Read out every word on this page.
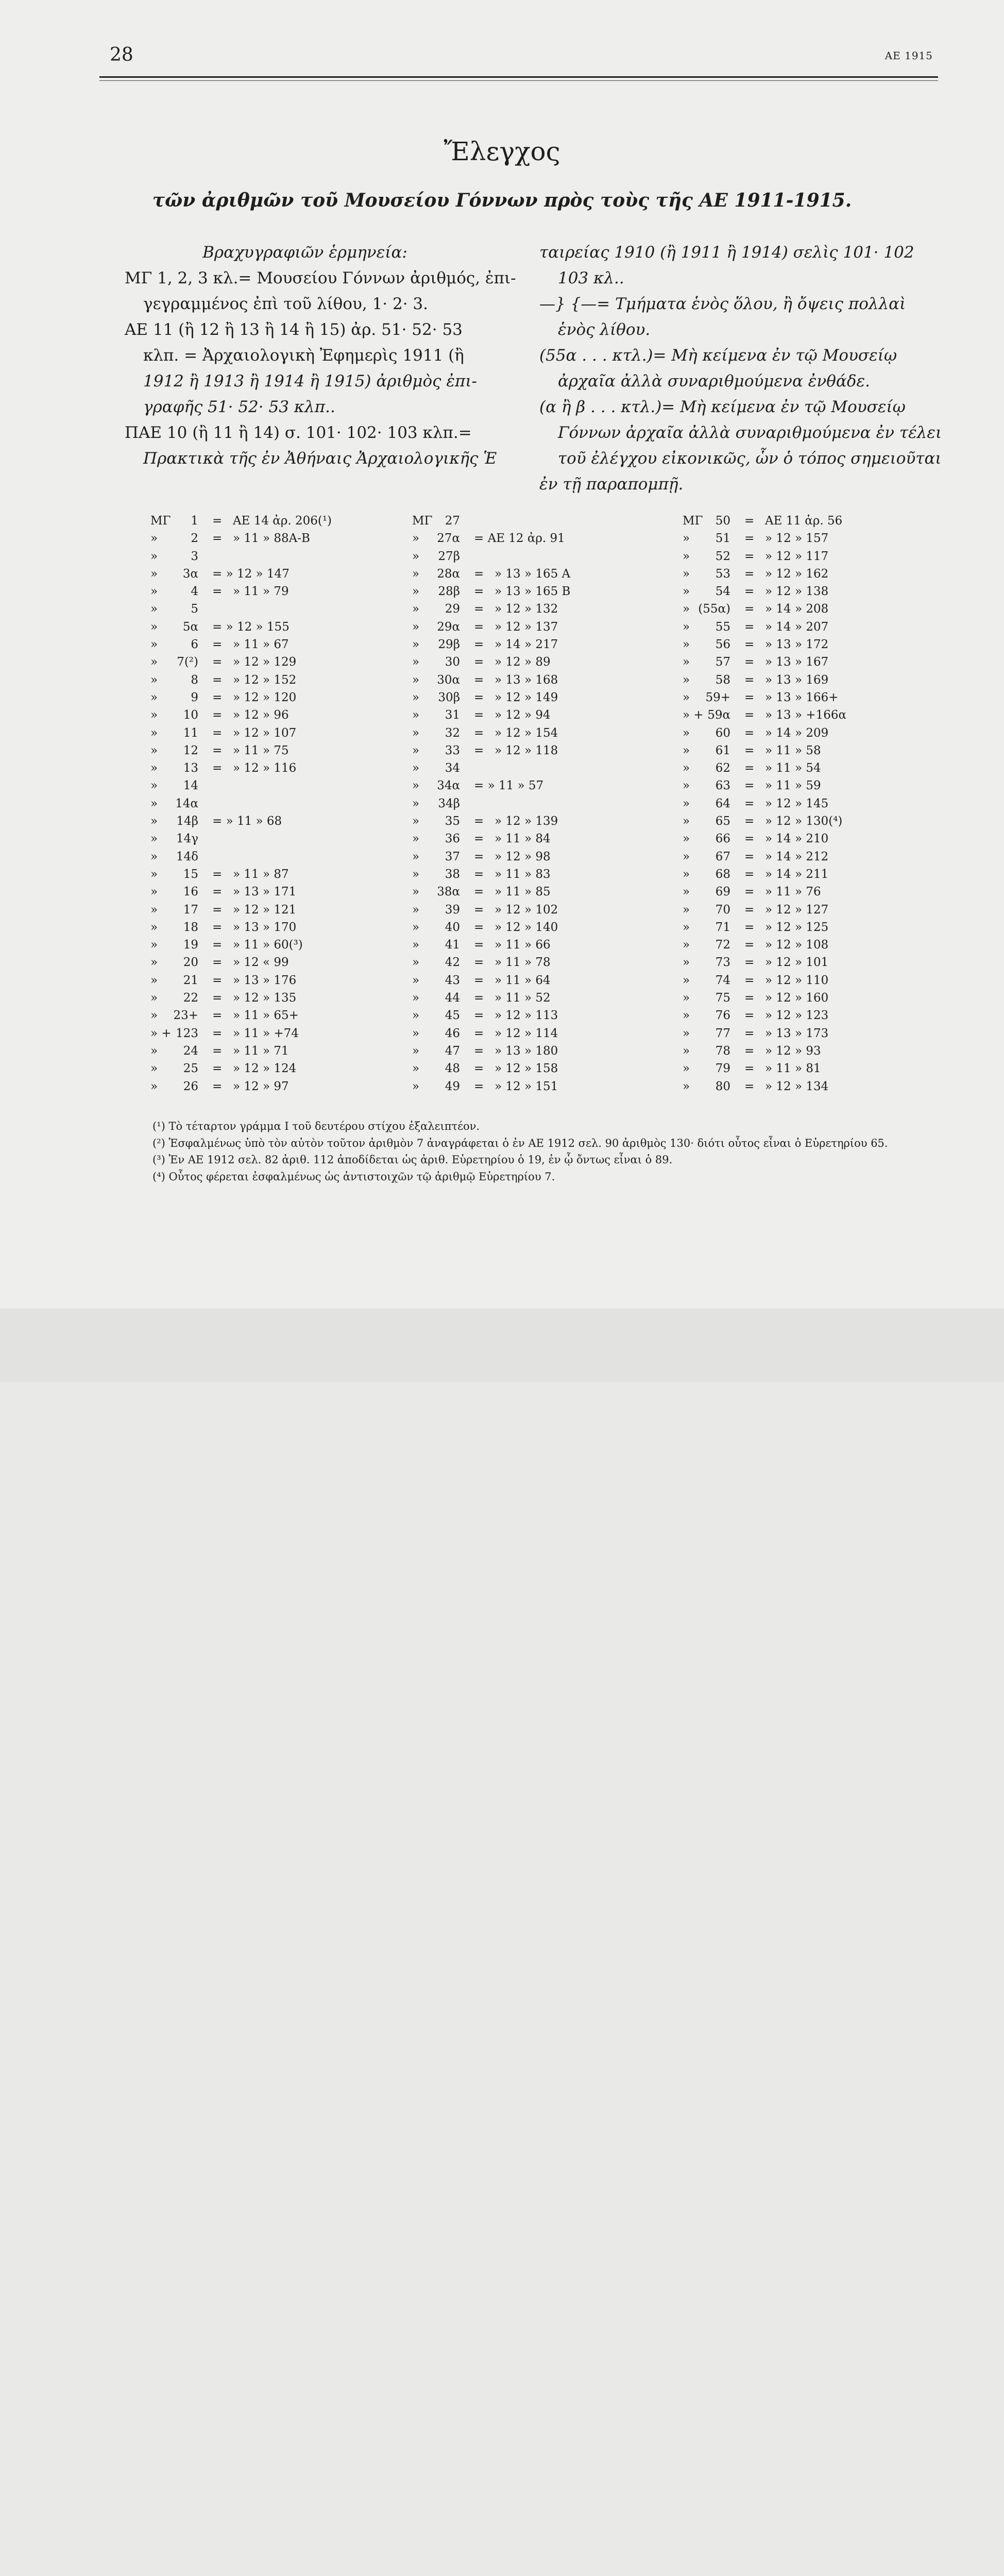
28	ΑΕ 1915
Ἔλεγχος
τῶν ἀριθμῶν τοῦ Μουσείου Γόννων πρὸς τοὺς τῆς ΑΕ 1911-1915.
Βραχυγραφιῶν ἑρμηνεία:
ΜΓ 1, 2, 3 κλ.= Μουσείου Γόννων ἀριθμός, ἐπι-
γεγραμμένος ἐπὶ τοῦ λίθου, 1· 2· 3.
ΑΕ 11 (ἢ 12 ἢ 13 ἢ 14 ἢ 15) ἀρ. 51· 52· 53
κλπ. = Ἀρχαιολογικὴ Ἐφημερὶς 1911 (ἢ
1912 ἢ 1913 ἢ 1914 ἢ 1915) ἀριθμὸς ἐπι-
γραφῆς 51· 52· 53 κλπ..
ΠΑΕ 10 (ἢ 11 ἢ 14) σ. 101· 102· 103 κλπ.=
Πρακτικὰ τῆς ἐν Ἀθήναις Ἀρχαιολογικῆς Ἑ
ταιρείας 1910 (ἢ 1911 ἢ 1914) σελὶς 101· 102
103 κλ..
—} {—= Τμήματα ἑνὸς ὅλου, ἢ ὄψεις πολλαὶ
ἑνὸς λίθου.
(55α . . . κτλ.)= Μὴ κείμενα ἐν τῷ Μουσείῳ
ἀρχαῖα ἀλλὰ συναριθμούμενα ἐνθάδε.
(α ἢ β . . . κτλ.)= Μὴ κείμενα ἐν τῷ Μουσείῳ
Γόννων ἀρχαῖα ἀλλὰ συναριθμούμενα ἐν τέλει
τοῦ ἐλέγχου εἰκονικῶς, ὧν ὁ τόπος σημειοῦται
ἐν τῇ παραπομπῇ.
ΜΓ	1 = ΑΕ 14 ἀρ. 206(¹)
»	2 = » 11 » 88Α-Β
»	3
»	3α = » 12 » 147
»	4 = » 11 » 79
»	5
»	5α = » 12 » 155
»	6 = » 11 » 67
»	7(²) = » 12 » 129
»	8 = » 12 » 152
»	9 = » 12 » 120
»	10 = » 12 » 96
»	11 = » 12 » 107
»	12 = » 11 » 75
»	13 = » 12 » 116
»	14
»	14α
»	14β = » 11 » 68
»	14γ
»	14δ
»	15 = » 11 » 87
»	16 = » 13 » 171
»	17 = » 12 » 121
»	18 = » 13 » 170
»	19 = » 11 » 60(³)
»	20 = » 12 « 99
»	21 = » 13 » 176
»	22 = » 12 » 135
»	23+ = » 11 » 65+
» + 123 = » 11 » +74
»	24 = » 11 » 71
»	25 = » 12 » 124
»	26 = » 12 » 97
ΜΓ	27
»	27α = ΑΕ 12 ἀρ. 91
»	27β
»	28α = » 13 » 165 Α
»	28β = » 13 » 165 Β
»	29 = » 12 » 132
»	29α = » 12 » 137
»	29β = » 14 » 217
»	30 = » 12 » 89
»	30α = » 13 » 168
»	30β = » 12 » 149
»	31 = » 12 » 94
»	32 = » 12 » 154
»	33 = » 12 » 118
»	34
»	34α = » 11 » 57
»	34β
»	35 = » 12 » 139
»	36 = » 11 » 84
»	37 = » 12 » 98
»	38 = » 11 » 83
»	38α = » 11 » 85
»	39 = » 12 » 102
»	40 = » 12 » 140
»	41 = » 11 » 66
»	42 = » 11 » 78
»	43 = » 11 » 64
»	44 = » 11 » 52
»	45 = » 12 » 113
»	46 = » 12 » 114
»	47 = » 13 » 180
»	48 = » 12 » 158
»	49 = » 12 » 151
ΜΓ	50 = ΑΕ 11 ἀρ. 56
»	51 = » 12 » 157
»	52 = » 12 » 117
»	53 = » 12 » 162
»	54 = » 12 » 138
» (55α) = » 14 » 208
»	55 = » 14 » 207
»	56 = » 13 » 172
»	57 = » 13 » 167
»	58 = » 13 » 169
»	59+ = » 13 » 166+
» + 59α = » 13 » +166α
»	60 = » 14 » 209
»	61 = » 11 » 58
»	62 = » 11 » 54
»	63 = » 11 » 59
»	64 = » 12 » 145
»	65 = » 12 » 130(⁴)
»	66 = » 14 » 210
»	67 = » 14 » 212
»	68 = » 14 » 211
»	69 = » 11 » 76
»	70 = » 12 » 127
»	71 = » 12 » 125
»	72 = » 12 » 108
»	73 = » 12 » 101
»	74 = » 12 » 110
»	75 = » 12 » 160
»	76 = » 12 » 123
»	77 = » 13 » 173
»	78 = » 12 » 93
»	79 = » 11 » 81
»	80 = » 12 » 134
(¹) Τὸ τέταρτον γράμμα Ι τοῦ δευτέρου στίχου ἐξαλειπτέον.
(²) Ἐσφαλμένως ὑπὸ τὸν αὐτὸν τοῦτον ἀριθμὸν 7 ἀναγράφεται ὁ ἐν ΑΕ 1912 σελ. 90 ἀριθμὸς 130· διότι οὗτος εἶναι ὁ Εὑρετηρίου 65.
(³) Ἐν ΑΕ 1912 σελ. 82 ἀριθ. 112 ἀποδίδεται ὡς ἀριθ. Εὑρετηρίου ὁ 19, ἐν ᾧ ὄντως εἶναι ὁ 89.
(⁴) Οὗτος φέρεται ἐσφαλμένως ὡς ἀντιστοιχῶν τῷ ἀριθμῷ Εὑρετηρίου 7.
